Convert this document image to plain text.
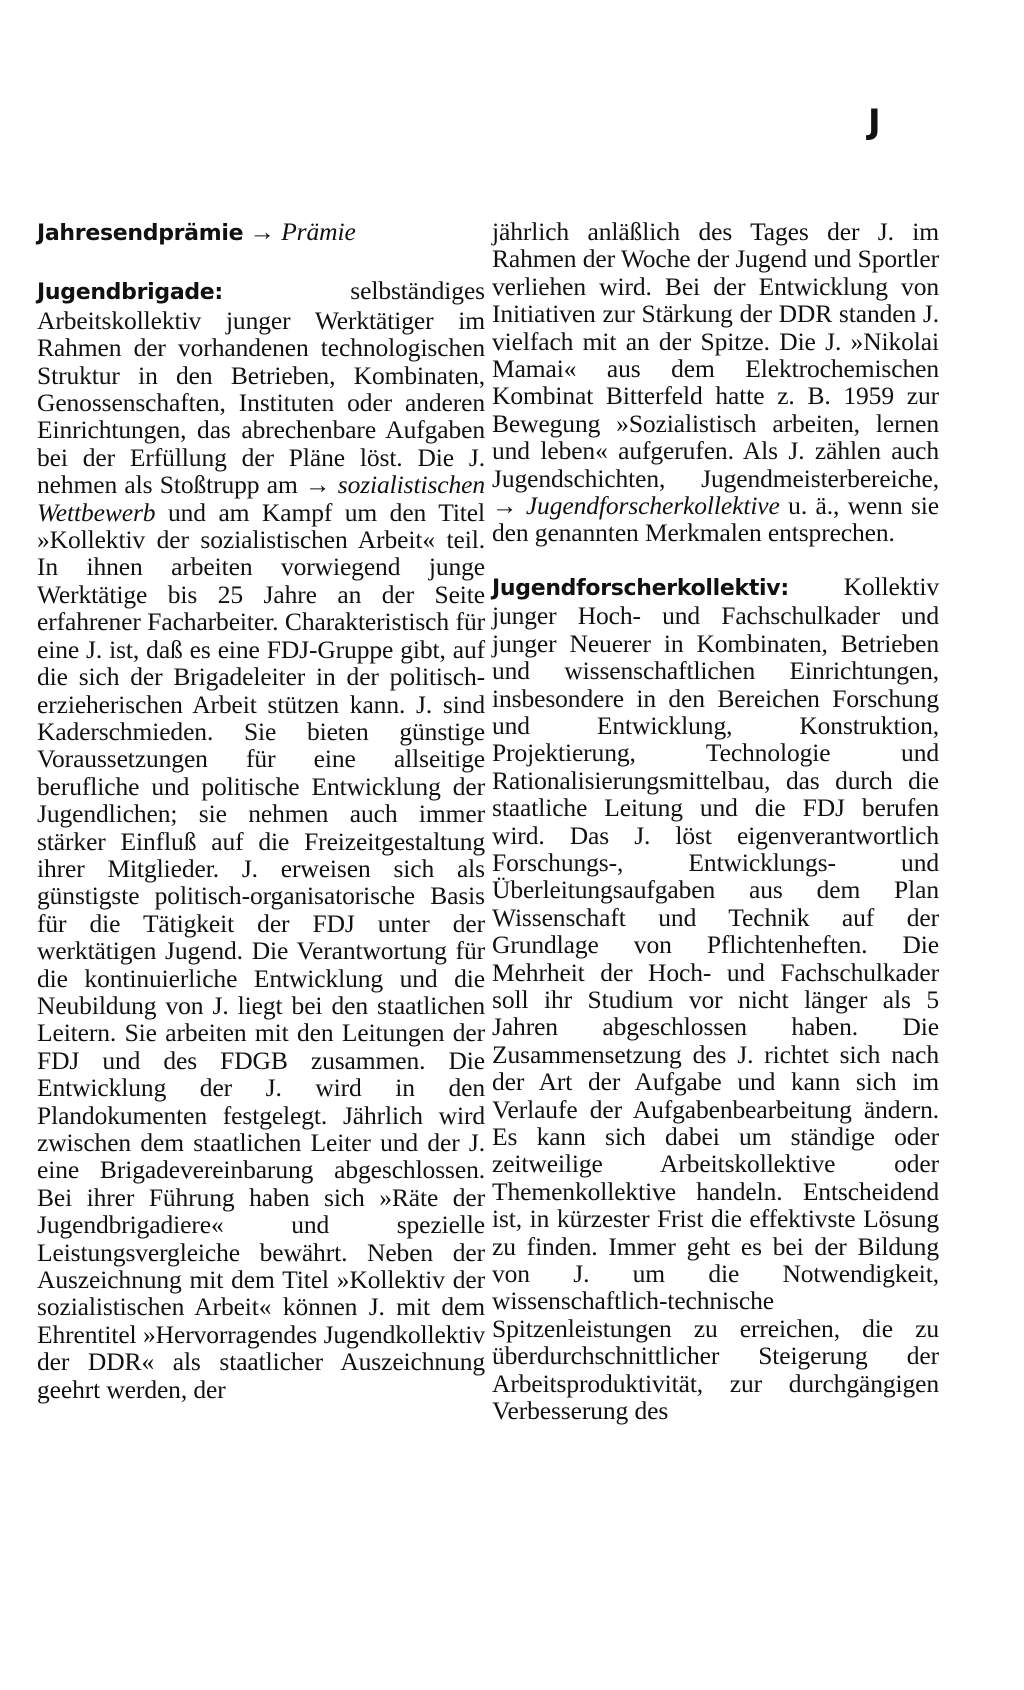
J

Jahresendprämie → Prämie

Jugendbrigade: selbständiges Arbeitskollektiv junger Werktätiger im Rahmen der vorhandenen technologischen Struktur in den Betrieben, Kombinaten, Genossenschaften, Instituten oder anderen Einrichtungen, das abrechenbare Aufgaben bei der Erfüllung der Pläne löst. Die J. nehmen als Stoßtrupp am → sozialistischen Wettbewerb und am Kampf um den Titel »Kollektiv der sozialistischen Arbeit« teil. In ihnen arbeiten vorwiegend junge Werktätige bis 25 Jahre an der Seite erfahrener Facharbeiter. Charakteristisch für eine J. ist, daß es eine FDJ-Gruppe gibt, auf die sich der Brigadeleiter in der politisch-erzieherischen Arbeit stützen kann. J. sind Kaderschmieden. Sie bieten günstige Voraussetzungen für eine allseitige berufliche und politische Entwicklung der Jugendlichen; sie nehmen auch immer stärker Einfluß auf die Freizeitgestaltung ihrer Mitglieder. J. erweisen sich als günstigste politisch-organisatorische Basis für die Tätigkeit der FDJ unter der werktätigen Jugend. Die Verantwortung für die kontinuierliche Entwicklung und die Neubildung von J. liegt bei den staatlichen Leitern. Sie arbeiten mit den Leitungen der FDJ und des FDGB zusammen. Die Entwicklung der J. wird in den Plandokumenten festgelegt. Jährlich wird zwischen dem staatlichen Leiter und der J. eine Brigadevereinbarung abgeschlossen. Bei ihrer Führung haben sich »Räte der Jugendbrigadiere« und spezielle Leistungsvergleiche bewährt. Neben der Auszeichnung mit dem Titel »Kollektiv der sozialistischen Arbeit« können J. mit dem Ehrentitel »Hervorragendes Jugendkollektiv der DDR« als staatlicher Auszeichnung geehrt werden, der

jährlich anläßlich des Tages der J. im Rahmen der Woche der Jugend und Sportler verliehen wird. Bei der Entwicklung von Initiativen zur Stärkung der DDR standen J. vielfach mit an der Spitze. Die J. »Nikolai Mamai« aus dem Elektrochemischen Kombinat Bitterfeld hatte z. B. 1959 zur Bewegung »Sozialistisch arbeiten, lernen und leben« aufgerufen. Als J. zählen auch Jugendschichten, Jugendmeisterbereiche, → Jugendforscherkollektive u. ä., wenn sie den genannten Merkmalen entsprechen.

Jugendforscherkollektiv: Kollektiv junger Hoch- und Fachschulkader und junger Neuerer in Kombinaten, Betrieben und wissenschaftlichen Einrichtungen, insbesondere in den Bereichen Forschung und Entwicklung, Konstruktion, Projektierung, Technologie und Rationalisierungsmittelbau, das durch die staatliche Leitung und die FDJ berufen wird. Das J. löst eigenverantwortlich Forschungs-, Entwicklungs- und Überleitungsaufgaben aus dem Plan Wissenschaft und Technik auf der Grundlage von Pflichtenheften. Die Mehrheit der Hoch- und Fachschulkader soll ihr Studium vor nicht länger als 5 Jahren abgeschlossen haben. Die Zusammensetzung des J. richtet sich nach der Art der Aufgabe und kann sich im Verlaufe der Aufgabenbearbeitung ändern. Es kann sich dabei um ständige oder zeitweilige Arbeitskollektive oder Themenkollektive handeln. Entscheidend ist, in kürzester Frist die effektivste Lösung zu finden. Immer geht es bei der Bildung von J. um die Notwendigkeit, wissenschaftlich-technische Spitzenleistungen zu erreichen, die zu überdurchschnittlicher Steigerung der Arbeitsproduktivität, zur durchgängigen Verbesserung des
